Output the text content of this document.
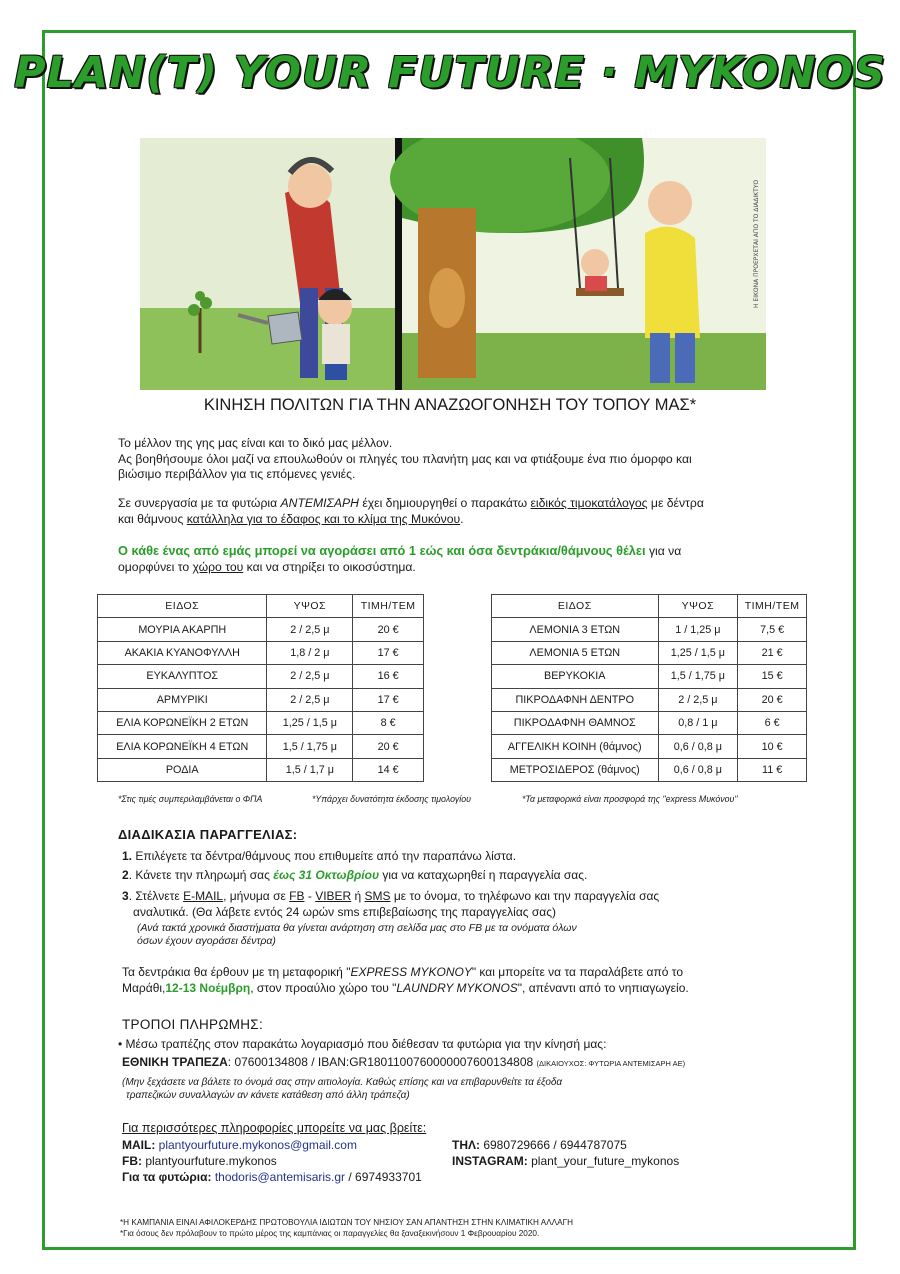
PLAN(T) YOUR FUTURE · MYKONOS
Η ΕΙΚΟΝΑ ΠΡΟΕΡΧΕΤΑΙ ΑΠΟ ΤΟ ΔΙΑΔΙΚΤΥΟ
ΚΙΝΗΣΗ ΠΟΛΙΤΩΝ ΓΙΑ ΤΗΝ ΑΝΑΖΩΟΓΟΝΗΣΗ ΤΟΥ ΤΟΠΟΥ ΜΑΣ*
Το μέλλον της γης μας είναι και το δικό μας μέλλον.
Ας βοηθήσουμε όλοι μαζί να επουλωθούν οι πληγές του πλανήτη μας και να φτιάξουμε ένα πιο όμορφο και
βιώσιμο περιβάλλον για τις επόμενες γενιές.
Σε συνεργασία με τα φυτώρια ΑΝΤΕΜΙΣΑΡΗ έχει δημιουργηθεί ο παρακάτω ειδικός τιμοκατάλογος με δέντρα
και θάμνους κατάλληλα για το έδαφος και το κλίμα της Μυκόνου.
Ο κάθε ένας από εμάς μπορεί να αγοράσει από 1 εώς και όσα δεντράκια/θάμνους θέλει για να
ομορφύνει το χώρο του και να στηρίξει το οικοσύστημα.
ΕΙΔΟΣ	ΥΨΟΣ	ΤΙΜΗ/ΤΕΜ
ΜΟΥΡΙΑ ΑΚΑΡΠΗ	2 / 2,5 μ	20 €
ΑΚΑΚΙΑ ΚΥΑΝΟΦΥΛΛΗ	1,8 / 2 μ	17 €
ΕΥΚΑΛΥΠΤΟΣ	2 / 2,5 μ	16 €
ΑΡΜΥΡΙΚΙ	2 / 2,5 μ	17 €
ΕΛΙΑ ΚΟΡΩΝΕΪΚΗ 2 ΕΤΩΝ	1,25 / 1,5 μ	8 €
ΕΛΙΑ ΚΟΡΩΝΕΪΚΗ 4 ΕΤΩΝ	1,5 / 1,75 μ	20 €
ΡΟΔΙΑ	1,5 / 1,7 μ	14 €
ΕΙΔΟΣ	ΥΨΟΣ	ΤΙΜΗ/ΤΕΜ
ΛΕΜΟΝΙΑ 3 ΕΤΩΝ	1 / 1,25 μ	7,5 €
ΛΕΜΟΝΙΑ 5 ΕΤΩΝ	1,25 / 1,5 μ	21 €
ΒΕΡΥΚΟΚΙΑ	1,5 / 1,75 μ	15 €
ΠΙΚΡΟΔΑΦΝΗ ΔΕΝΤΡΟ	2 / 2,5 μ	20 €
ΠΙΚΡΟΔΑΦΝΗ ΘΑΜΝΟΣ	0,8 / 1 μ	6 €
ΑΓΓΕΛΙΚΗ ΚΟΙΝΗ (θάμνος)	0,6 / 0,8 μ	10 €
ΜΕΤΡΟΣΙΔΕΡΟΣ (θάμνος)	0,6 / 0,8 μ	11 €
*Στις τιμές συμπεριλαμβάνεται ο ΦΠΑ	*Υπάρχει δυνατότητα έκδοσης τιμολογίου	*Τα μεταφορικά είναι προσφορά της "express Μυκόνου"
ΔΙΑΔΙΚΑΣΙΑ ΠΑΡΑΓΓΕΛΙΑΣ:
1. Επιλέγετε τα δέντρα/θάμνους που επιθυμείτε από την παραπάνω λίστα.
2. Κάνετε την πληρωμή σας έως 31 Οκτωβρίου για να καταχωρηθεί η παραγγελία σας.
3. Στέλνετε E-MAIL, μήνυμα σε FB - VIBER ή SMS με το όνομα, το τηλέφωνο και την παραγγελία σας
αναλυτικά. (Θα λάβετε εντός 24 ωρών sms επιβεβαίωσης της παραγγελίας σας)
(Ανά τακτά χρονικά διαστήματα θα γίνεται ανάρτηση στη σελίδα μας στο FB με τα ονόματα όλων
όσων έχουν αγοράσει δέντρα)
Τα δεντράκια θα έρθουν με τη μεταφορική "EXPRESS MYKONOY" και μπορείτε να τα παραλάβετε από το
Μαράθι,12-13 Νοέμβρη, στον προαύλιο χώρο του "LAUNDRY MYKONOS", απέναντι από το νηπιαγωγείο.
ΤΡΟΠΟΙ ΠΛΗΡΩΜΗΣ:
• Μέσω τραπέζης στον παρακάτω λογαριασμό που διέθεσαν τα φυτώρια για την κίνησή μας:
ΕΘΝΙΚΗ ΤΡΑΠΕΖΑ: 07600134808 / IBAN:GR1801100760000007600134808 (ΔΙΚΑΙΟΥΧΟΣ: ΦΥΤΩΡΙΑ ΑΝΤΕΜΙΣΑΡΗ ΑΕ)
(Μην ξεχάσετε να βάλετε το όνομά σας στην αιτιολογία. Καθώς επίσης και να επιβαρυνθείτε τα έξοδα
τραπεζικών συναλλαγών αν κάνετε κατάθεση από άλλη τράπεζα)
Για περισσότερες πληροφορίες μπορείτε να μας βρείτε:
MAIL: plantyourfuture.mykonos@gmail.com	ΤΗΛ: 6980729666 / 6944787075
FB: plantyourfuture.mykonos	INSTAGRAM: plant_your_future_mykonos
Για τα φυτώρια: thodoris@antemisaris.gr / 6974933701
*Η ΚΑΜΠΑΝΙΑ ΕΙΝΑΙ ΑΦΙΛΟΚΕΡΔΗΣ ΠΡΩΤΟΒΟΥΛΙΑ ΙΔΙΩΤΩΝ ΤΟΥ ΝΗΣΙΟΥ ΣΑΝ ΑΠΑΝΤΗΣΗ ΣΤΗΝ ΚΛΙΜΑΤΙΚΗ ΑΛΛΑΓΗ
*Για όσους δεν πρόλαβουν το πρώτο μέρος της καμπάνιας οι παραγγελίες θα ξαναξεκινήσουν 1 Φεβρουαρίου 2020.
